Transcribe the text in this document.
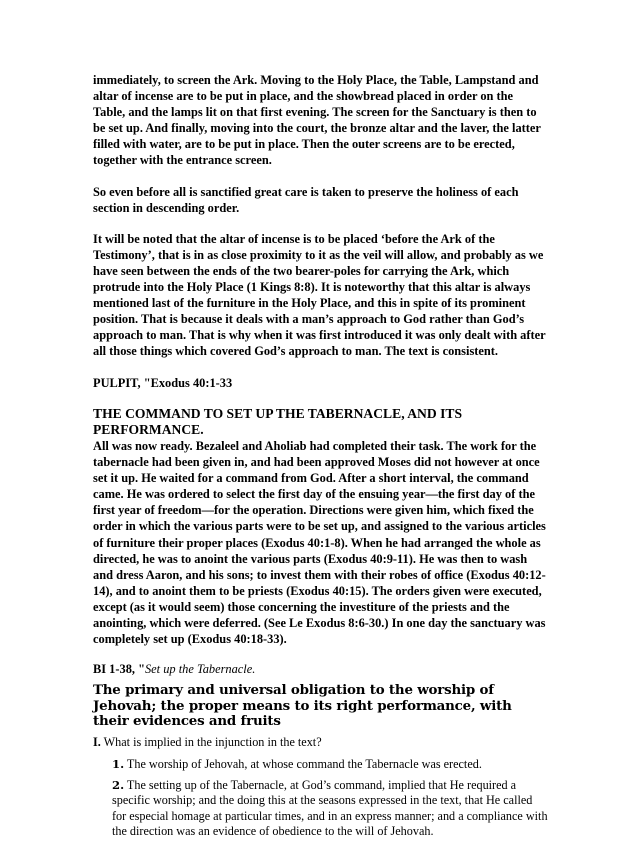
immediately, to screen the Ark. Moving to the Holy Place, the Table, Lampstand and altar of incense are to be put in place, and the showbread placed in order on the Table, and the lamps lit on that first evening. The screen for the Sanctuary is then to be set up. And finally, moving into the court, the bronze altar and the laver, the latter filled with water, are to be put in place. Then the outer screens are to be erected, together with the entrance screen.

So even before all is sanctified great care is taken to preserve the holiness of each section in descending order.

It will be noted that the altar of incense is to be placed ‘before the Ark of the Testimony’, that is in as close proximity to it as the veil will allow, and probably as we have seen between the ends of the two bearer-poles for carrying the Ark, which protrude into the Holy Place (1 Kings 8:8). It is noteworthy that this altar is always mentioned last of the furniture in the Holy Place, and this in spite of its prominent position. That is because it deals with a man’s approach to God rather than God’s approach to man. That is why when it was first introduced it was only dealt with after all those things which covered God’s approach to man. The text is consistent.

PULPIT, "Exodus 40:1-33

THE COMMAND TO SET UP THE TABERNACLE, AND ITS PERFORMANCE.

All was now ready. Bezaleel and Aholiab had completed their task. The work for the tabernacle had been given in, and had been approved Moses did not however at once set it up. He waited for a command from God. After a short interval, the command came. He was ordered to select the first day of the ensuing year—the first day of the first year of freedom—for the operation. Directions were given him, which fixed the order in which the various parts were to be set up, and assigned to the various articles of furniture their proper places (Exodus 40:1-8). When he had arranged the whole as directed, he was to anoint the various parts (Exodus 40:9-11). He was then to wash and dress Aaron, and his sons; to invest them with their robes of office (Exodus 40:12-14), and to anoint them to be priests (Exodus 40:15). The orders given were executed, except (as it would seem) those concerning the investiture of the priests and the anointing, which were deferred. (See Le Exodus 8:6-30.) In one day the sanctuary was completely set up (Exodus 40:18-33).

BI 1-38, "Set up the Tabernacle.

The primary and universal obligation to the worship of Jehovah; the proper means to its right performance, with their evidences and fruits

I. What is implied in the injunction in the text?

1. The worship of Jehovah, at whose command the Tabernacle was erected.

2. The setting up of the Tabernacle, at God’s command, implied that He required a specific worship; and the doing this at the seasons expressed in the text, that He called for especial homage at particular times, and in an express manner; and a compliance with the direction was an evidence of obedience to the will of Jehovah.
